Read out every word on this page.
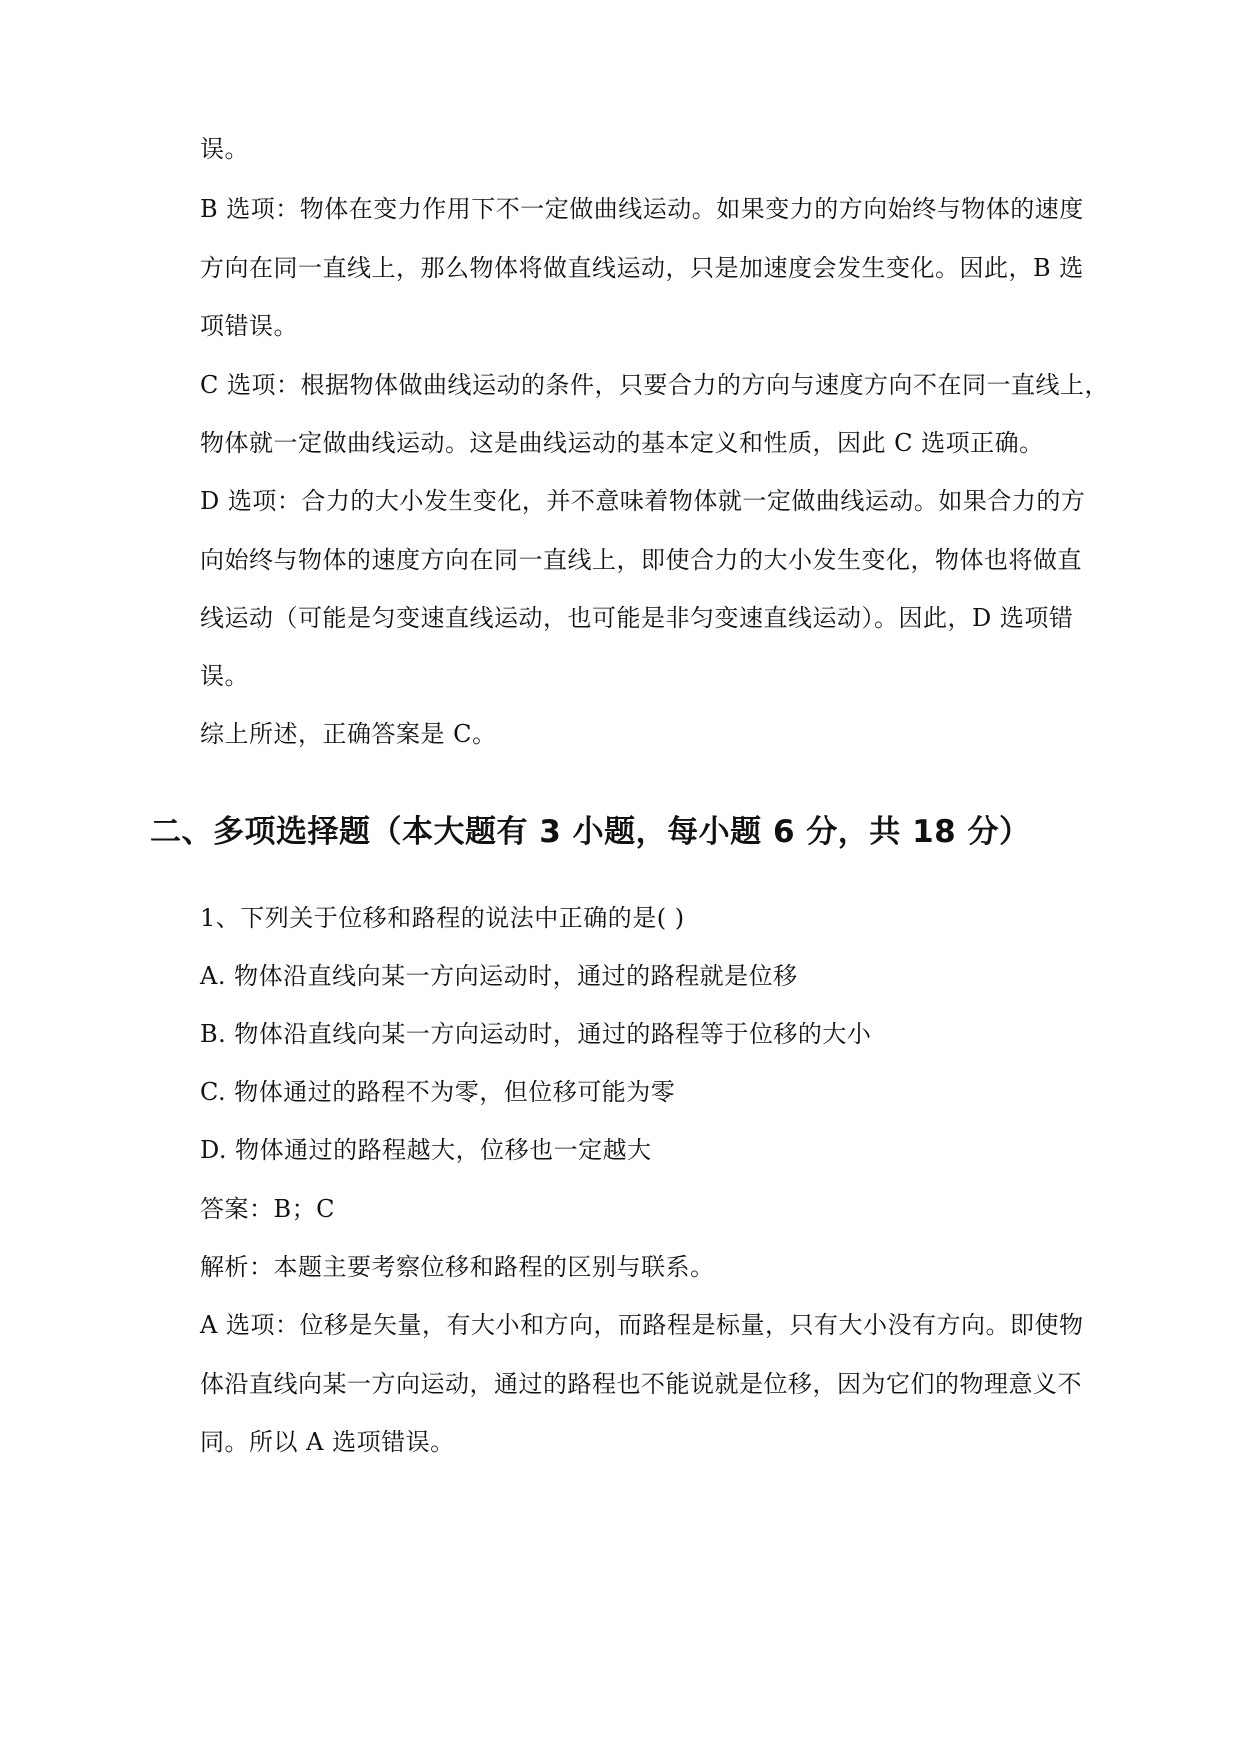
误。
B 选项：物体在变力作用下不一定做曲线运动。如果变力的方向始终与物体的速度
方向在同一直线上，那么物体将做直线运动，只是加速度会发生变化。因此，B 选
项错误。
C 选项：根据物体做曲线运动的条件，只要合力的方向与速度方向不在同一直线上，
物体就一定做曲线运动。这是曲线运动的基本定义和性质，因此 C 选项正确。
D 选项：合力的大小发生变化，并不意味着物体就一定做曲线运动。如果合力的方
向始终与物体的速度方向在同一直线上，即使合力的大小发生变化，物体也将做直
线运动（可能是匀变速直线运动，也可能是非匀变速直线运动）。因此，D 选项错
误。
综上所述，正确答案是 C。
二、多项选择题（本大题有 3 小题，每小题 6 分，共 18 分）
1、下列关于位移和路程的说法中正确的是( )
A. 物体沿直线向某一方向运动时，通过的路程就是位移
B. 物体沿直线向某一方向运动时，通过的路程等于位移的大小
C. 物体通过的路程不为零，但位移可能为零
D. 物体通过的路程越大，位移也一定越大
答案：B；C
解析：本题主要考察位移和路程的区别与联系。
A 选项：位移是矢量，有大小和方向，而路程是标量，只有大小没有方向。即使物
体沿直线向某一方向运动，通过的路程也不能说就是位移，因为它们的物理意义不
同。所以 A 选项错误。
